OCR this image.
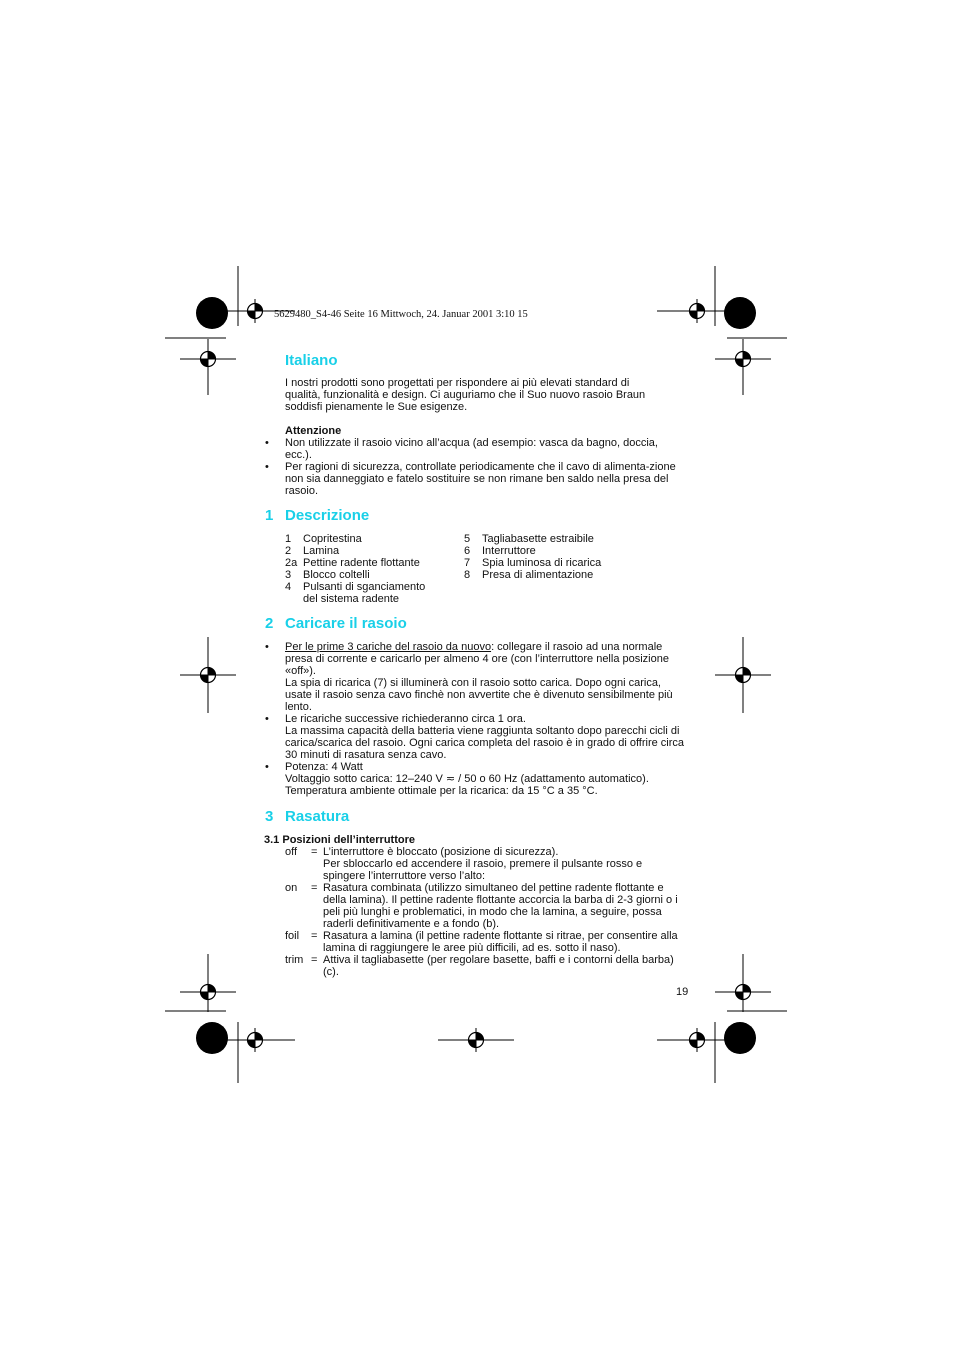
5629480_S4-46 Seite 16 Mittwoch, 24. Januar 2001 3:10 15
Italiano
I nostri prodotti sono progettati per rispondere ai più elevati standard di qualità, funzionalità e design. Ci auguriamo che il Suo nuovo rasoio Braun soddisfi pienamente le Sue esigenze.

Attenzione

• Non utilizzate il rasoio vicino all’acqua (ad esempio: vasca da bagno, doccia, ecc.).
• Per ragioni di sicurezza, controllate periodicamente che il cavo di alimenta-zione non sia danneggiato e fatelo sostituire se non rimane ben saldo nella presa del rasoio.
1 Descrizione
1 Copritestina
2 Lamina
2a Pettine radente flottante
3 Blocco coltelli
4 Pulsanti di sganciamento
del sistema radente
5 Tagliabasette estraibile
6 Interruttore
7 Spia luminosa di ricarica
8 Presa di alimentazione
2 Caricare il rasoio
• Per le prime 3 cariche del rasoio da nuovo: collegare il rasoio ad una normale presa di corrente e caricarlo per almeno 4 ore (con l’interruttore nella posizione «off»).

La spia di ricarica (7) si illuminerà con il rasoio sotto carica. Dopo ogni carica, usate il rasoio senza cavo finchè non avvertite che è divenuto sensibilmente più lento.

• Le ricariche successive richiederanno circa 1 ora.

La massima capacità della batteria viene raggiunta soltanto dopo parecchi cicli di carica/scarica del rasoio. Ogni carica completa del rasoio è in grado di offrire circa 30 minuti di rasatura senza cavo.

• Potenza: 4 Watt

Voltaggio sotto carica: 12–240 V ≂ / 50 o 60 Hz (adattamento automatico).

Temperatura ambiente ottimale per la ricarica: da 15 °C a 35 °C.

3 Rasatura
3.1 Posizioni dell’interruttore
off = L’interruttore è bloccato (posizione di sicurezza).

Per sbloccarlo ed accendere il rasoio, premere il pulsante rosso e spingere l’interruttore verso l’alto:

on = Rasatura combinata (utilizzo simultaneo del pettine radente flottante e della lamina). Il pettine radente flottante accorcia la barba di 2-3 giorni o i peli più lunghi e problematici, in modo che la lamina, a seguire, possa raderli definitivamente e a fondo (b).

foil = Rasatura a lamina (il pettine radente flottante si ritrae, per consentire alla lamina di raggiungere le aree più difficili, ad es. sotto il naso).

trim = Attiva il tagliabasette (per regolare basette, baffi e i contorni della barba) (c).

19
